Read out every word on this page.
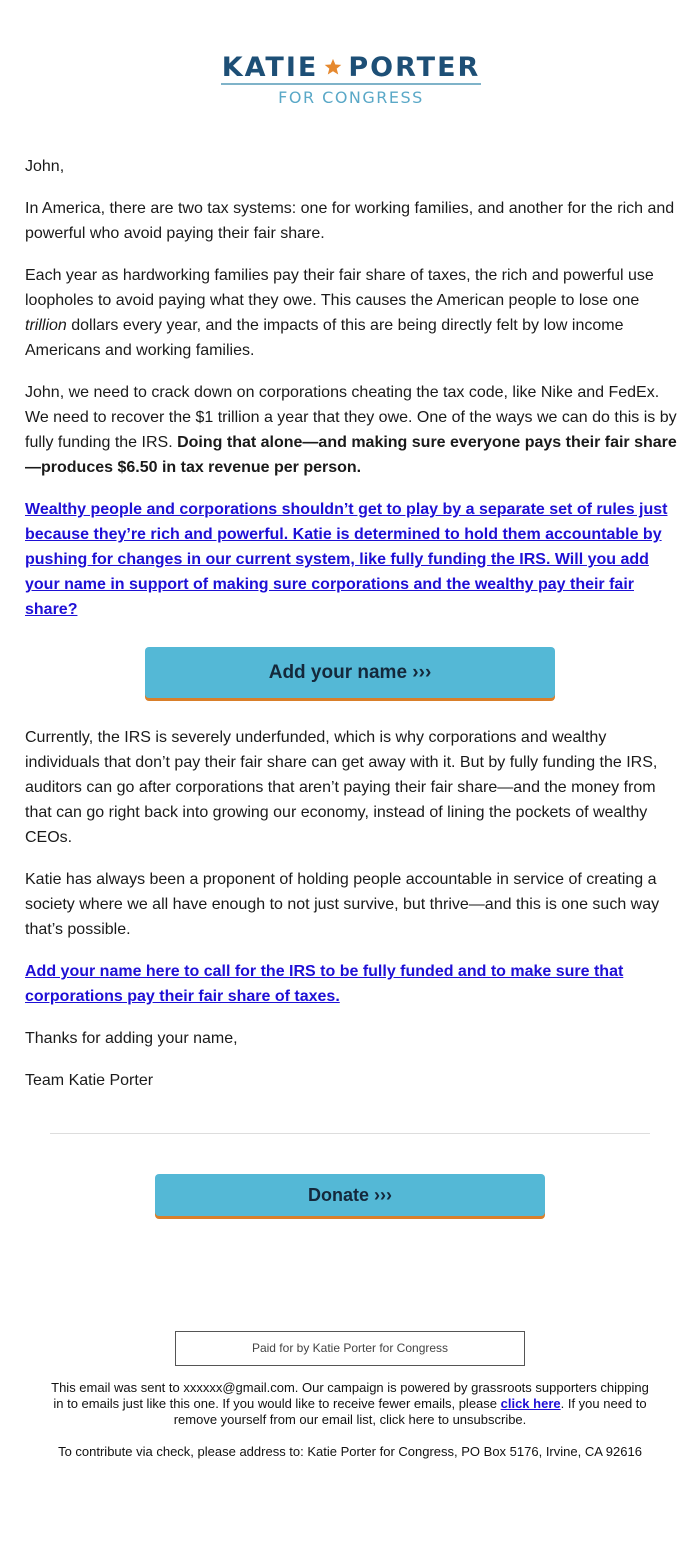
KATIE PORTER
FOR CONGRESS

John,

In America, there are two tax systems: one for working families, and another for the rich and powerful who avoid paying their fair share.

Each year as hardworking families pay their fair share of taxes, the rich and powerful use loopholes to avoid paying what they owe. This causes the American people to lose one trillion dollars every year, and the impacts of this are being directly felt by low income Americans and working families.

John, we need to crack down on corporations cheating the tax code, like Nike and FedEx. We need to recover the $1 trillion a year that they owe. One of the ways we can do this is by fully funding the IRS. Doing that alone—and making sure everyone pays their fair share—produces $6.50 in tax revenue per person.

Wealthy people and corporations shouldn’t get to play by a separate set of rules just because they’re rich and powerful. Katie is determined to hold them accountable by pushing for changes in our current system, like fully funding the IRS. Will you add your name in support of making sure corporations and the wealthy pay their fair share?

Add your name ›››

Currently, the IRS is severely underfunded, which is why corporations and wealthy individuals that don’t pay their fair share can get away with it. But by fully funding the IRS, auditors can go after corporations that aren’t paying their fair share—and the money from that can go right back into growing our economy, instead of lining the pockets of wealthy CEOs.

Katie has always been a proponent of holding people accountable in service of creating a society where we all have enough to not just survive, but thrive—and this is one such way that’s possible.

Add your name here to call for the IRS to be fully funded and to make sure that corporations pay their fair share of taxes.

Thanks for adding your name,

Team Katie Porter

Donate ›››
Paid for by Katie Porter for Congress

This email was sent to xxxxxx@gmail.com. Our campaign is powered by grassroots supporters chipping in to emails just like this one. If you would like to receive fewer emails, please click here. If you need to remove yourself from our email list, click here to unsubscribe.

To contribute via check, please address to: Katie Porter for Congress, PO Box 5176, Irvine, CA 92616
